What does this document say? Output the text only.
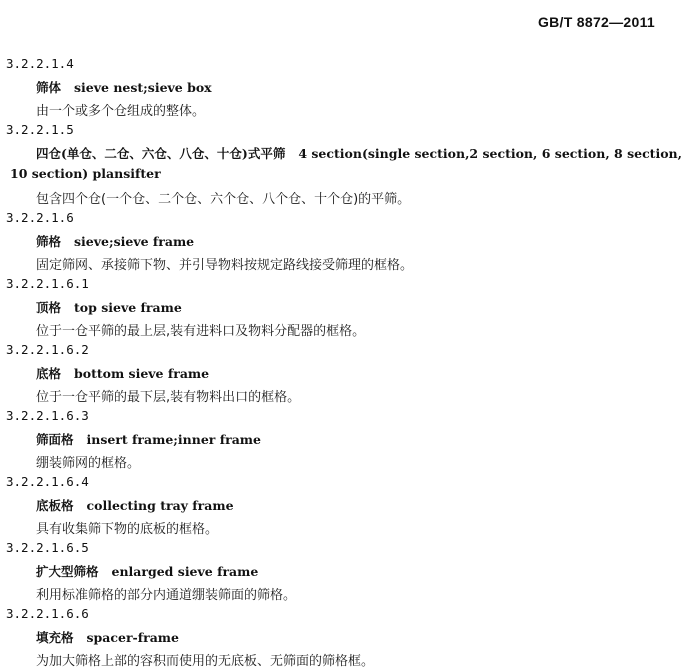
GB/T 8872—2011
3.2.2.1.4
筛体 sieve nest;sieve box
由一个或多个仓组成的整体。
3.2.2.1.5
四仓(单仓、二仓、六仓、八仓、十仓)式平筛 4 section(single section,2 section, 6 section, 8 section,
10 section) plansifter
包含四个仓(一个仓、二个仓、六个仓、八个仓、十个仓)的平筛。
3.2.2.1.6
筛格 sieve;sieve frame
固定筛网、承接筛下物、并引导物料按规定路线接受筛理的框格。
3.2.2.1.6.1
顶格 top sieve frame
位于一仓平筛的最上层,装有进料口及物料分配器的框格。
3.2.2.1.6.2
底格 bottom sieve frame
位于一仓平筛的最下层,装有物料出口的框格。
3.2.2.1.6.3
筛面格 insert frame;inner frame
绷装筛网的框格。
3.2.2.1.6.4
底板格 collecting tray frame
具有收集筛下物的底板的框格。
3.2.2.1.6.5
扩大型筛格 enlarged sieve frame
利用标准筛格的部分内通道绷装筛面的筛格。
3.2.2.1.6.6
填充格 spacer-frame
为加大筛格上部的容积而使用的无底板、无筛面的筛格框。
